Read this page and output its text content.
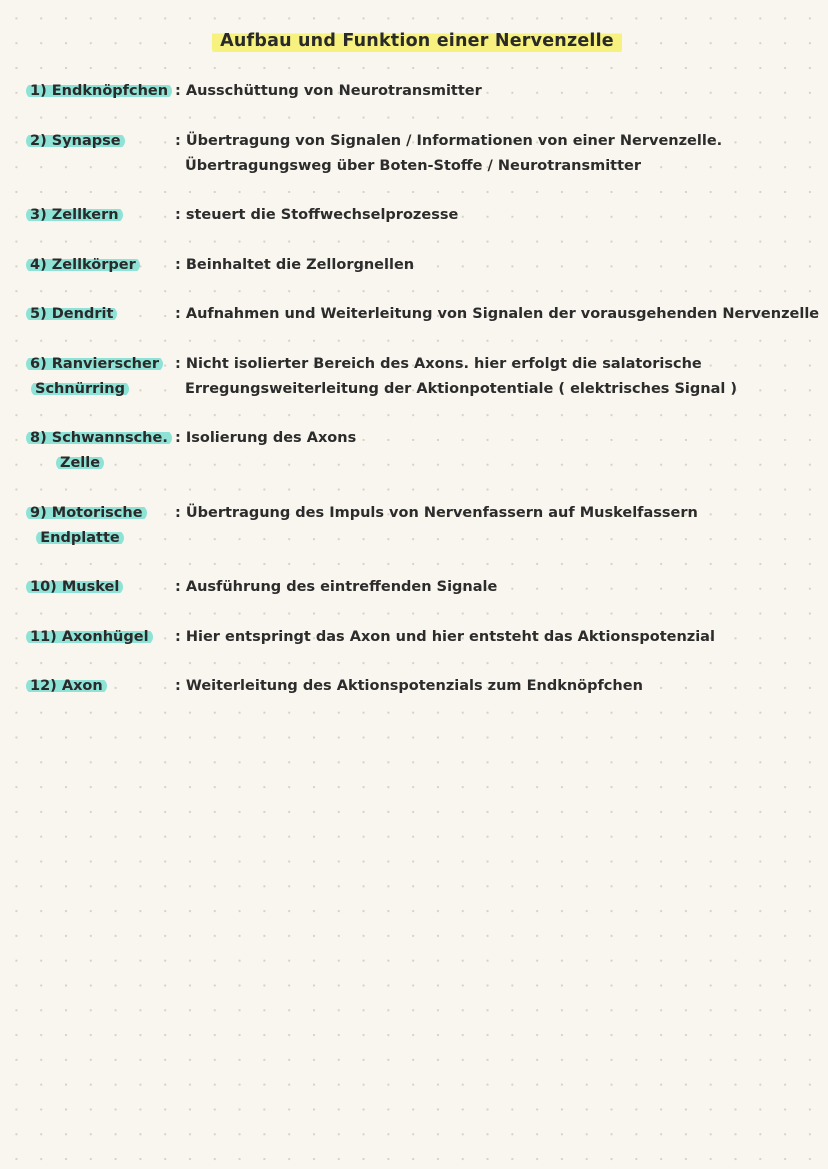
Aufbau und Funktion einer Nervenzelle
1) Endknöpfchen : Ausschüttung von Neurotransmitter
2) Synapse	: Übertragung von Signalen / Informationen von einer Nervenzelle.
Übertragungsweg über Boten-Stoffe / Neurotransmitter
3) Zellkern	: steuert die Stoffwechselprozesse
4) Zellkörper	: Beinhaltet die Zellorgnellen
5) Dendrit	: Aufnahmen und Weiterleitung von Signalen der vorausgehenden Nervenzelle
6) Ranvierscher
Schnürring
: Nicht isolierter Bereich des Axons. hier erfolgt die salatorische
Erregungsweiterleitung der Aktionpotentiale ( elektrisches Signal )
8) Schwannsche.
Zelle
: Isolierung des Axons
9) Motorische
Endplatte
: Übertragung des Impuls von Nervenfassern auf Muskelfassern
10) Muskel	: Ausführung des eintreffenden Signale
11) Axonhügel	: Hier entspringt das Axon und hier entsteht das Aktionspotenzial
12) Axon	: Weiterleitung des Aktionspotenzials zum Endknöpfchen
